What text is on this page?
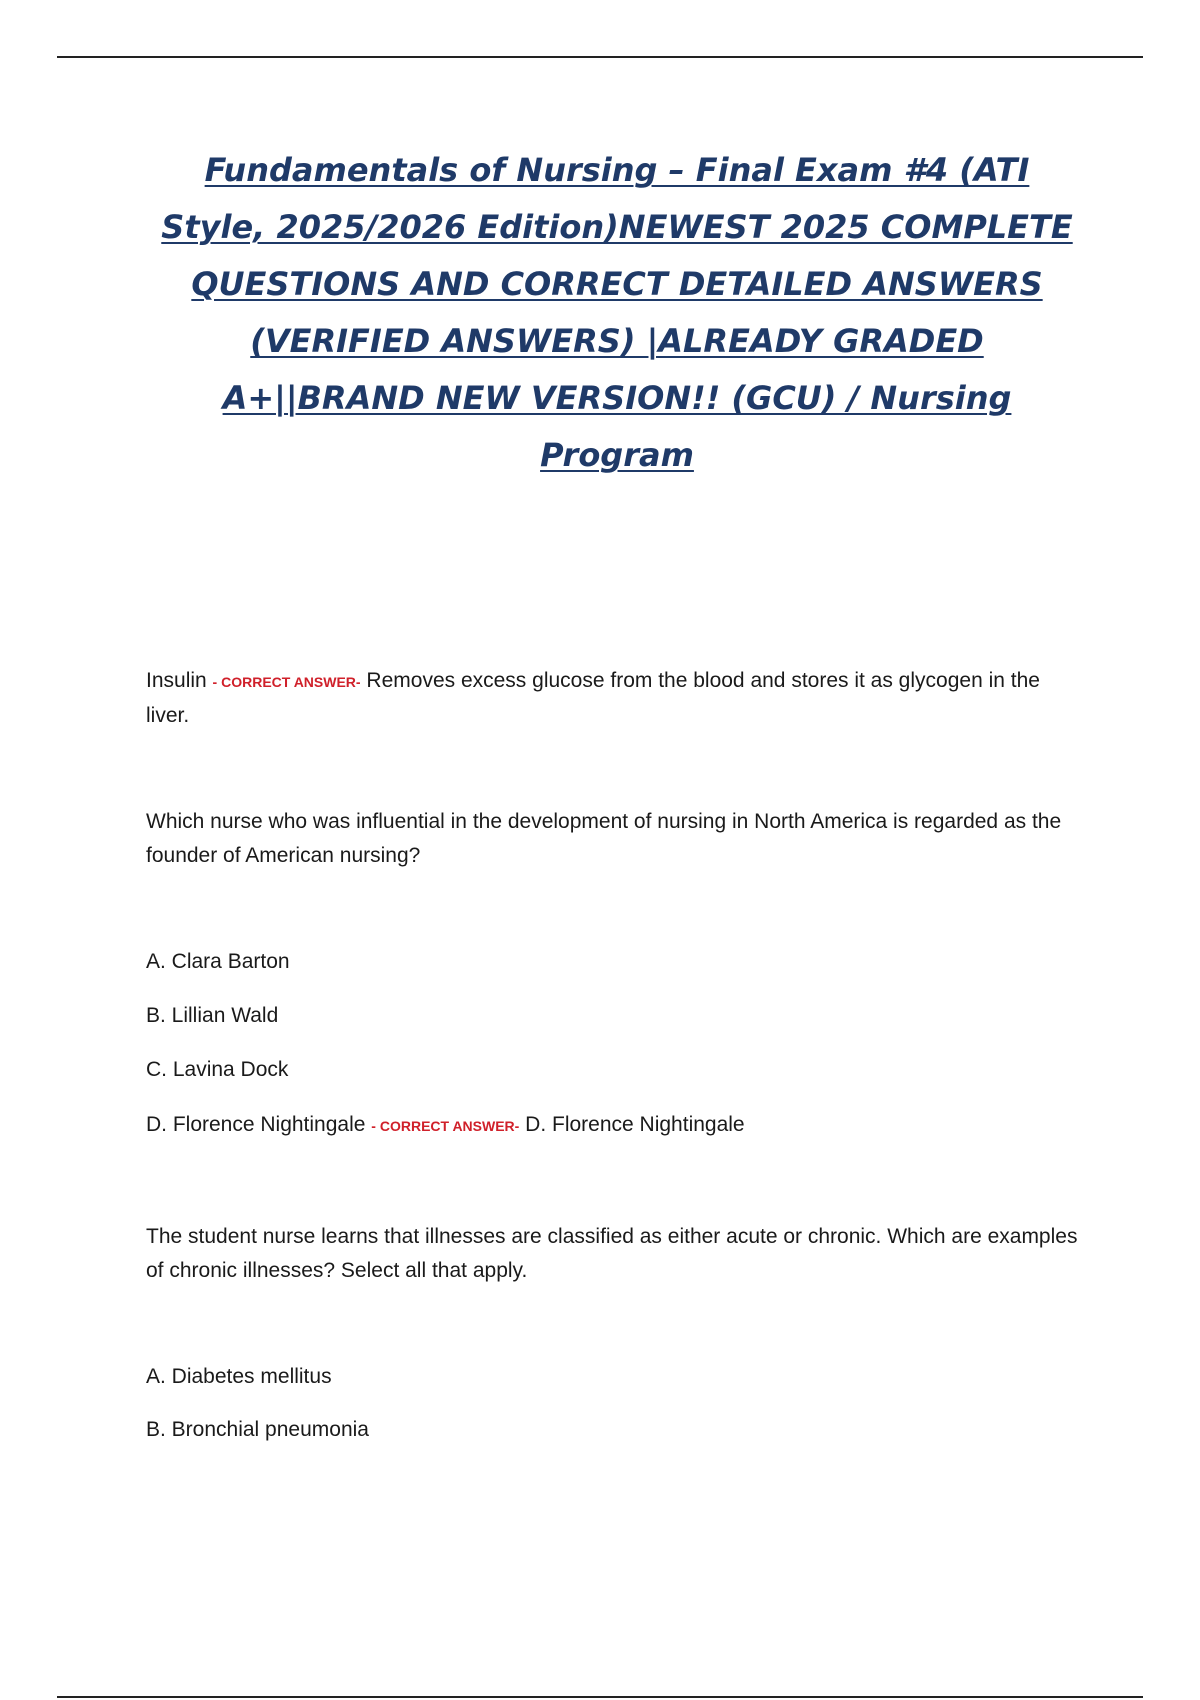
Fundamentals of Nursing – Final Exam #4 (ATI Style, 2025/2026 Edition)NEWEST 2025 COMPLETE QUESTIONS AND CORRECT DETAILED ANSWERS (VERIFIED ANSWERS) |ALREADY GRADED A+||BRAND NEW VERSION!! (GCU) / Nursing Program
Insulin - CORRECT ANSWER- Removes excess glucose from the blood and stores it as glycogen in the liver.
Which nurse who was influential in the development of nursing in North America is regarded as the founder of American nursing?
A. Clara Barton
B. Lillian Wald
C. Lavina Dock
D. Florence Nightingale - CORRECT ANSWER- D. Florence Nightingale
The student nurse learns that illnesses are classified as either acute or chronic. Which are examples of chronic illnesses? Select all that apply.
A. Diabetes mellitus
B. Bronchial pneumonia
